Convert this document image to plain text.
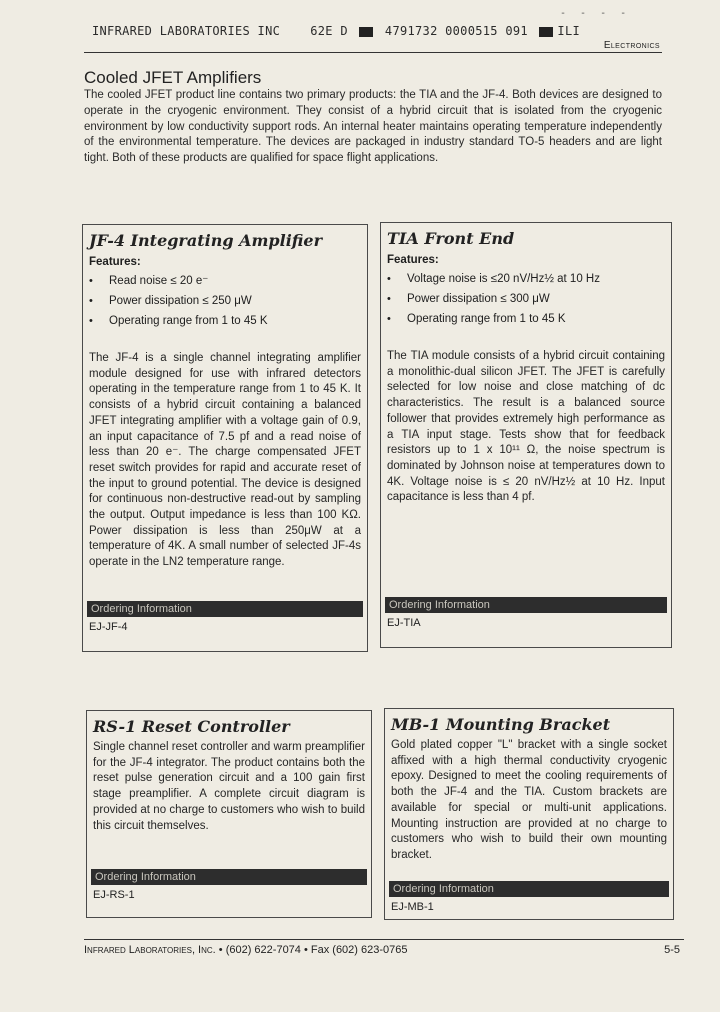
- - - -
INFRARED LABORATORIES INC	62E D	4791732 0000515 091 ILI
Electronics
Cooled JFET Amplifiers
The cooled JFET product line contains two primary products: the TIA and the JF-4. Both devices are designed to operate in the cryogenic environment. They consist of a hybrid circuit that is isolated from the cryogenic environment by low conductivity support rods. An internal heater maintains operating temperature independently of the environmental temperature. The devices are packaged in industry standard TO-5 headers and are light tight. Both of these products are qualified for space flight applications.
JF-4 Integrating Amplifier
Features:
• Read noise ≤ 20 e⁻
• Power dissipation ≤ 250 μW
• Operating range from 1 to 45 K
The JF-4 is a single channel integrating amplifier module designed for use with infrared detectors operating in the temperature range from 1 to 45 K. It consists of a hybrid circuit containing a balanced JFET integrating amplifier with a voltage gain of 0.9, an input capacitance of 7.5 pf and a read noise of less than 20 e⁻. The charge compensated JFET reset switch provides for rapid and accurate reset of the input to ground potential. The device is designed for continuous non-destructive read-out by sampling the output. Output impedance is less than 100 KΩ. Power dissipation is less than 250μW at a temperature of 4K. A small number of selected JF-4s operate in the LN2 temperature range.
Ordering Information
EJ-JF-4
TIA Front End
Features:
• Voltage noise is ≤20 nV/Hz½ at 10 Hz
• Power dissipation ≤ 300 μW
• Operating range from 1 to 45 K
The TIA module consists of a hybrid circuit containing a monolithic-dual silicon JFET. The JFET is carefully selected for low noise and close matching of dc characteristics. The result is a balanced source follower that provides extremely high performance as a TIA input stage. Tests show that for feedback resistors up to 1 x 10¹¹ Ω, the noise spectrum is dominated by Johnson noise at temperatures down to 4K. Voltage noise is ≤ 20 nV/Hz½ at 10 Hz. Input capacitance is less than 4 pf.
Ordering Information
EJ-TIA
RS-1 Reset Controller
Single channel reset controller and warm preamplifier for the JF-4 integrator. The product contains both the reset pulse generation circuit and a 100 gain first stage preamplifier. A complete circuit diagram is provided at no charge to customers who wish to build this circuit themselves.
Ordering Information
EJ-RS-1
MB-1 Mounting Bracket
Gold plated copper "L" bracket with a single socket affixed with a high thermal conductivity cryogenic epoxy. Designed to meet the cooling requirements of both the JF-4 and the TIA. Custom brackets are available for special or multi-unit applications. Mounting instruction are provided at no charge to customers who wish to build their own mounting bracket.
Ordering Information
EJ-MB-1
Infrared Laboratories, Inc. • (602) 622-7074 • Fax (602) 623-0765	5-5
